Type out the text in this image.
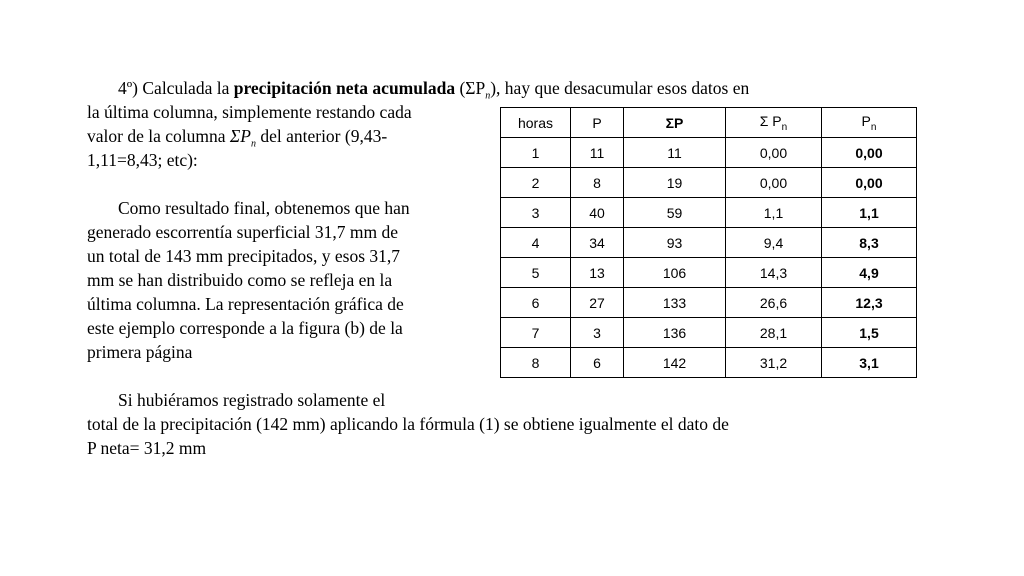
4º) Calculada la precipitación neta acumulada $(\Sigma P_n)$, hay que desacumular esos datos en
la última columna, simplemente restando cada
valor de la columna $\Sigma P_n$ del anterior (9,43-
1,11=8,43; etc):
Como resultado final, obtenemos que han
generado escorrentía superficial 31,7 mm de
un total de 143 mm precipitados, y esos 31,7
mm se han distribuido como se refleja en la
última columna. La representación gráfica de
este ejemplo corresponde a la figura (b) de la
primera página
Si hubiéramos registrado solamente el
total de la precipitación (142 mm) aplicando la fórmula (1) se obtiene igualmente el dato de
P neta= 31,2 mm
horas	P	ΣP	Σ $P_n$	$P_n$
1	11	11	0,00	0,00
2	8	19	0,00	0,00
3	40	59	1,1	1,1
4	34	93	9,4	8,3
5	13	106	14,3	4,9
6	27	133	26,6	12,3
7	3	136	28,1	1,5
8	6	142	31,2	3,1
